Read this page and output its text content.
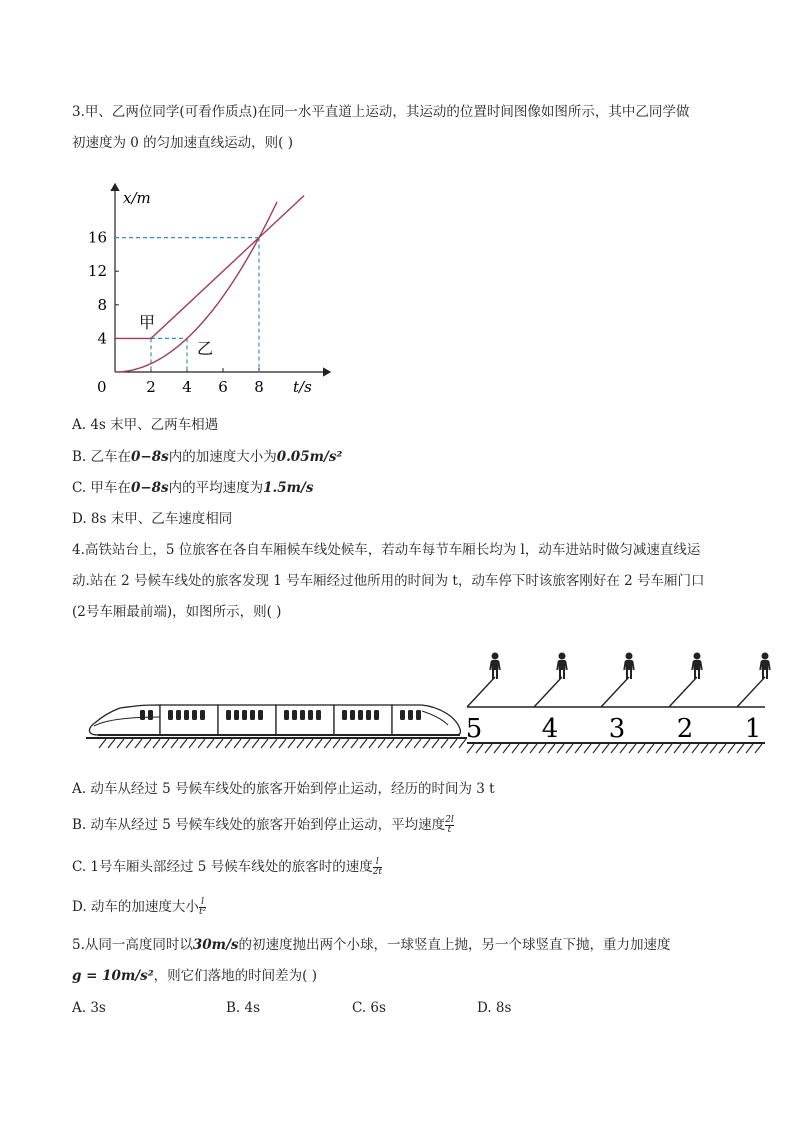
3.甲、乙两位同学(可看作质点)在同一水平直道上运动，其运动的位置时间图像如图所示，其中乙同学做
初速度为 0 的匀加速直线运动，则( )
16
12
8
4
2 4 6 8
x/m
t/s
0
甲
乙
A. 4s 末甲、乙两车相遇
B. 乙车在0−8s内的加速度大小为0.05m/s²
C. 甲车在0−8s内的平均速度为1.5m/s
D. 8s 末甲、乙车速度相同
4.高铁站台上，5 位旅客在各自车厢候车线处候车，若动车每节车厢长均为 l，动车进站时做匀减速直线运
动.站在 2 号候车线处的旅客发现 1 号车厢经过他所用的时间为 t，动车停下时该旅客刚好在 2 号车厢门口
(2号车厢最前端)，如图所示，则( )
5 4 3 2 1
A. 动车从经过 5 号候车线处的旅客开始到停止运动，经历的时间为 3 t
B. 动车从经过 5 号候车线处的旅客开始到停止运动，平均速度 $\frac{2l}{t}$
C. 1号车厢头部经过 5 号候车线处的旅客时的速度 $\frac{l}{2t}$
D. 动车的加速度大小 $\frac{l}{\text{t²}}$
5.从同一高度同时以30m/s的初速度抛出两个小球，一球竖直上抛，另一个球竖直下抛，重力加速度
g = 10m/s²，则它们落地的时间差为( )
A. 3s	B. 4s	C. 6s	D. 8s
